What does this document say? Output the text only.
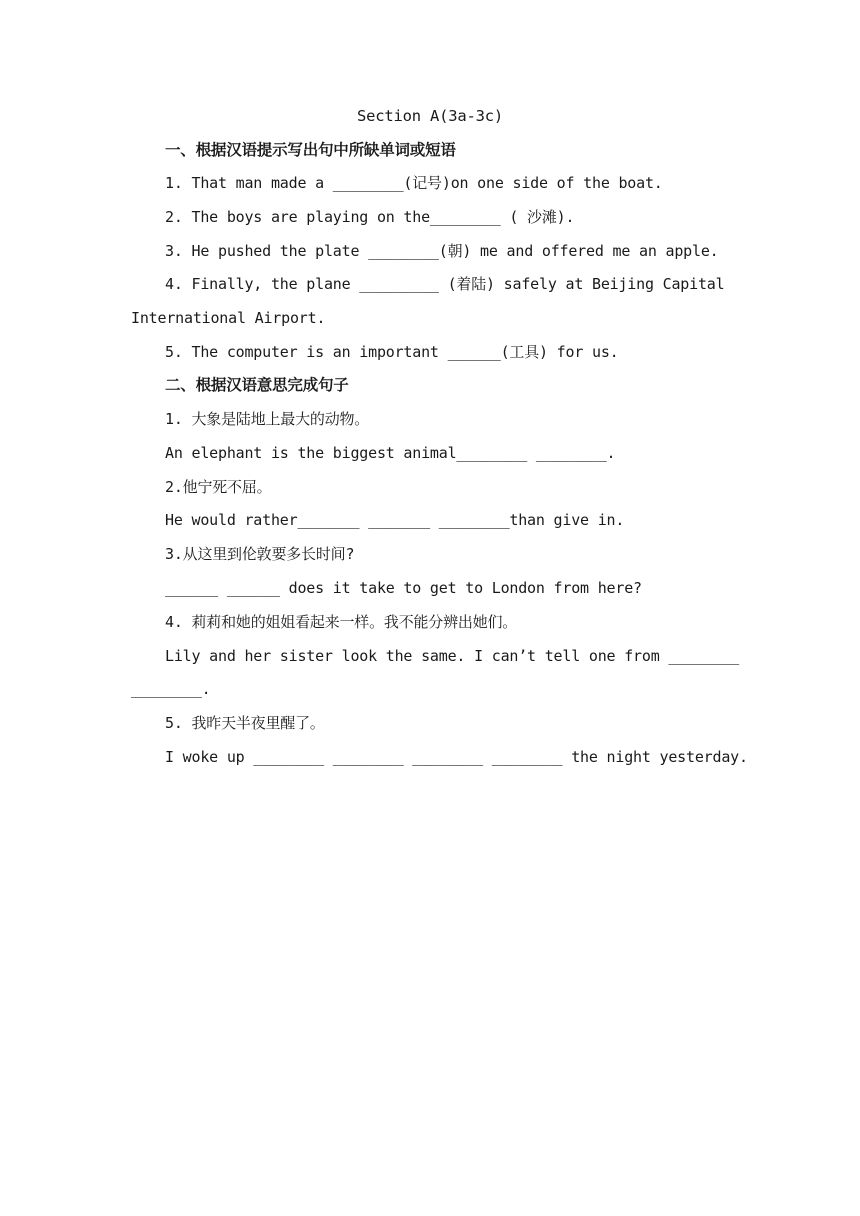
Section A(3a-3c)
一、根据汉语提示写出句中所缺单词或短语
1. That man made a ________(记号)on one side of the boat.
2. The boys are playing on the________ ( 沙滩).
3. He pushed the plate ________(朝) me and offered me an apple.
4. Finally, the plane _________ (着陆) safely at Beijing Capital
International Airport.
5. The computer is an important ______(工具) for us.
二、根据汉语意思完成句子
1. 大象是陆地上最大的动物。
An elephant is the biggest animal________ ________.
2.他宁死不屈。
He would rather_______ _______ ________than give in.
3.从这里到伦敦要多长时间?
______ ______ does it take to get to London from here?
4. 莉莉和她的姐姐看起来一样。我不能分辨出她们。
Lily and her sister look the same. I can’t tell one from ________
________.
5. 我昨天半夜里醒了。
I woke up ________ ________ ________ ________ the night yesterday.
